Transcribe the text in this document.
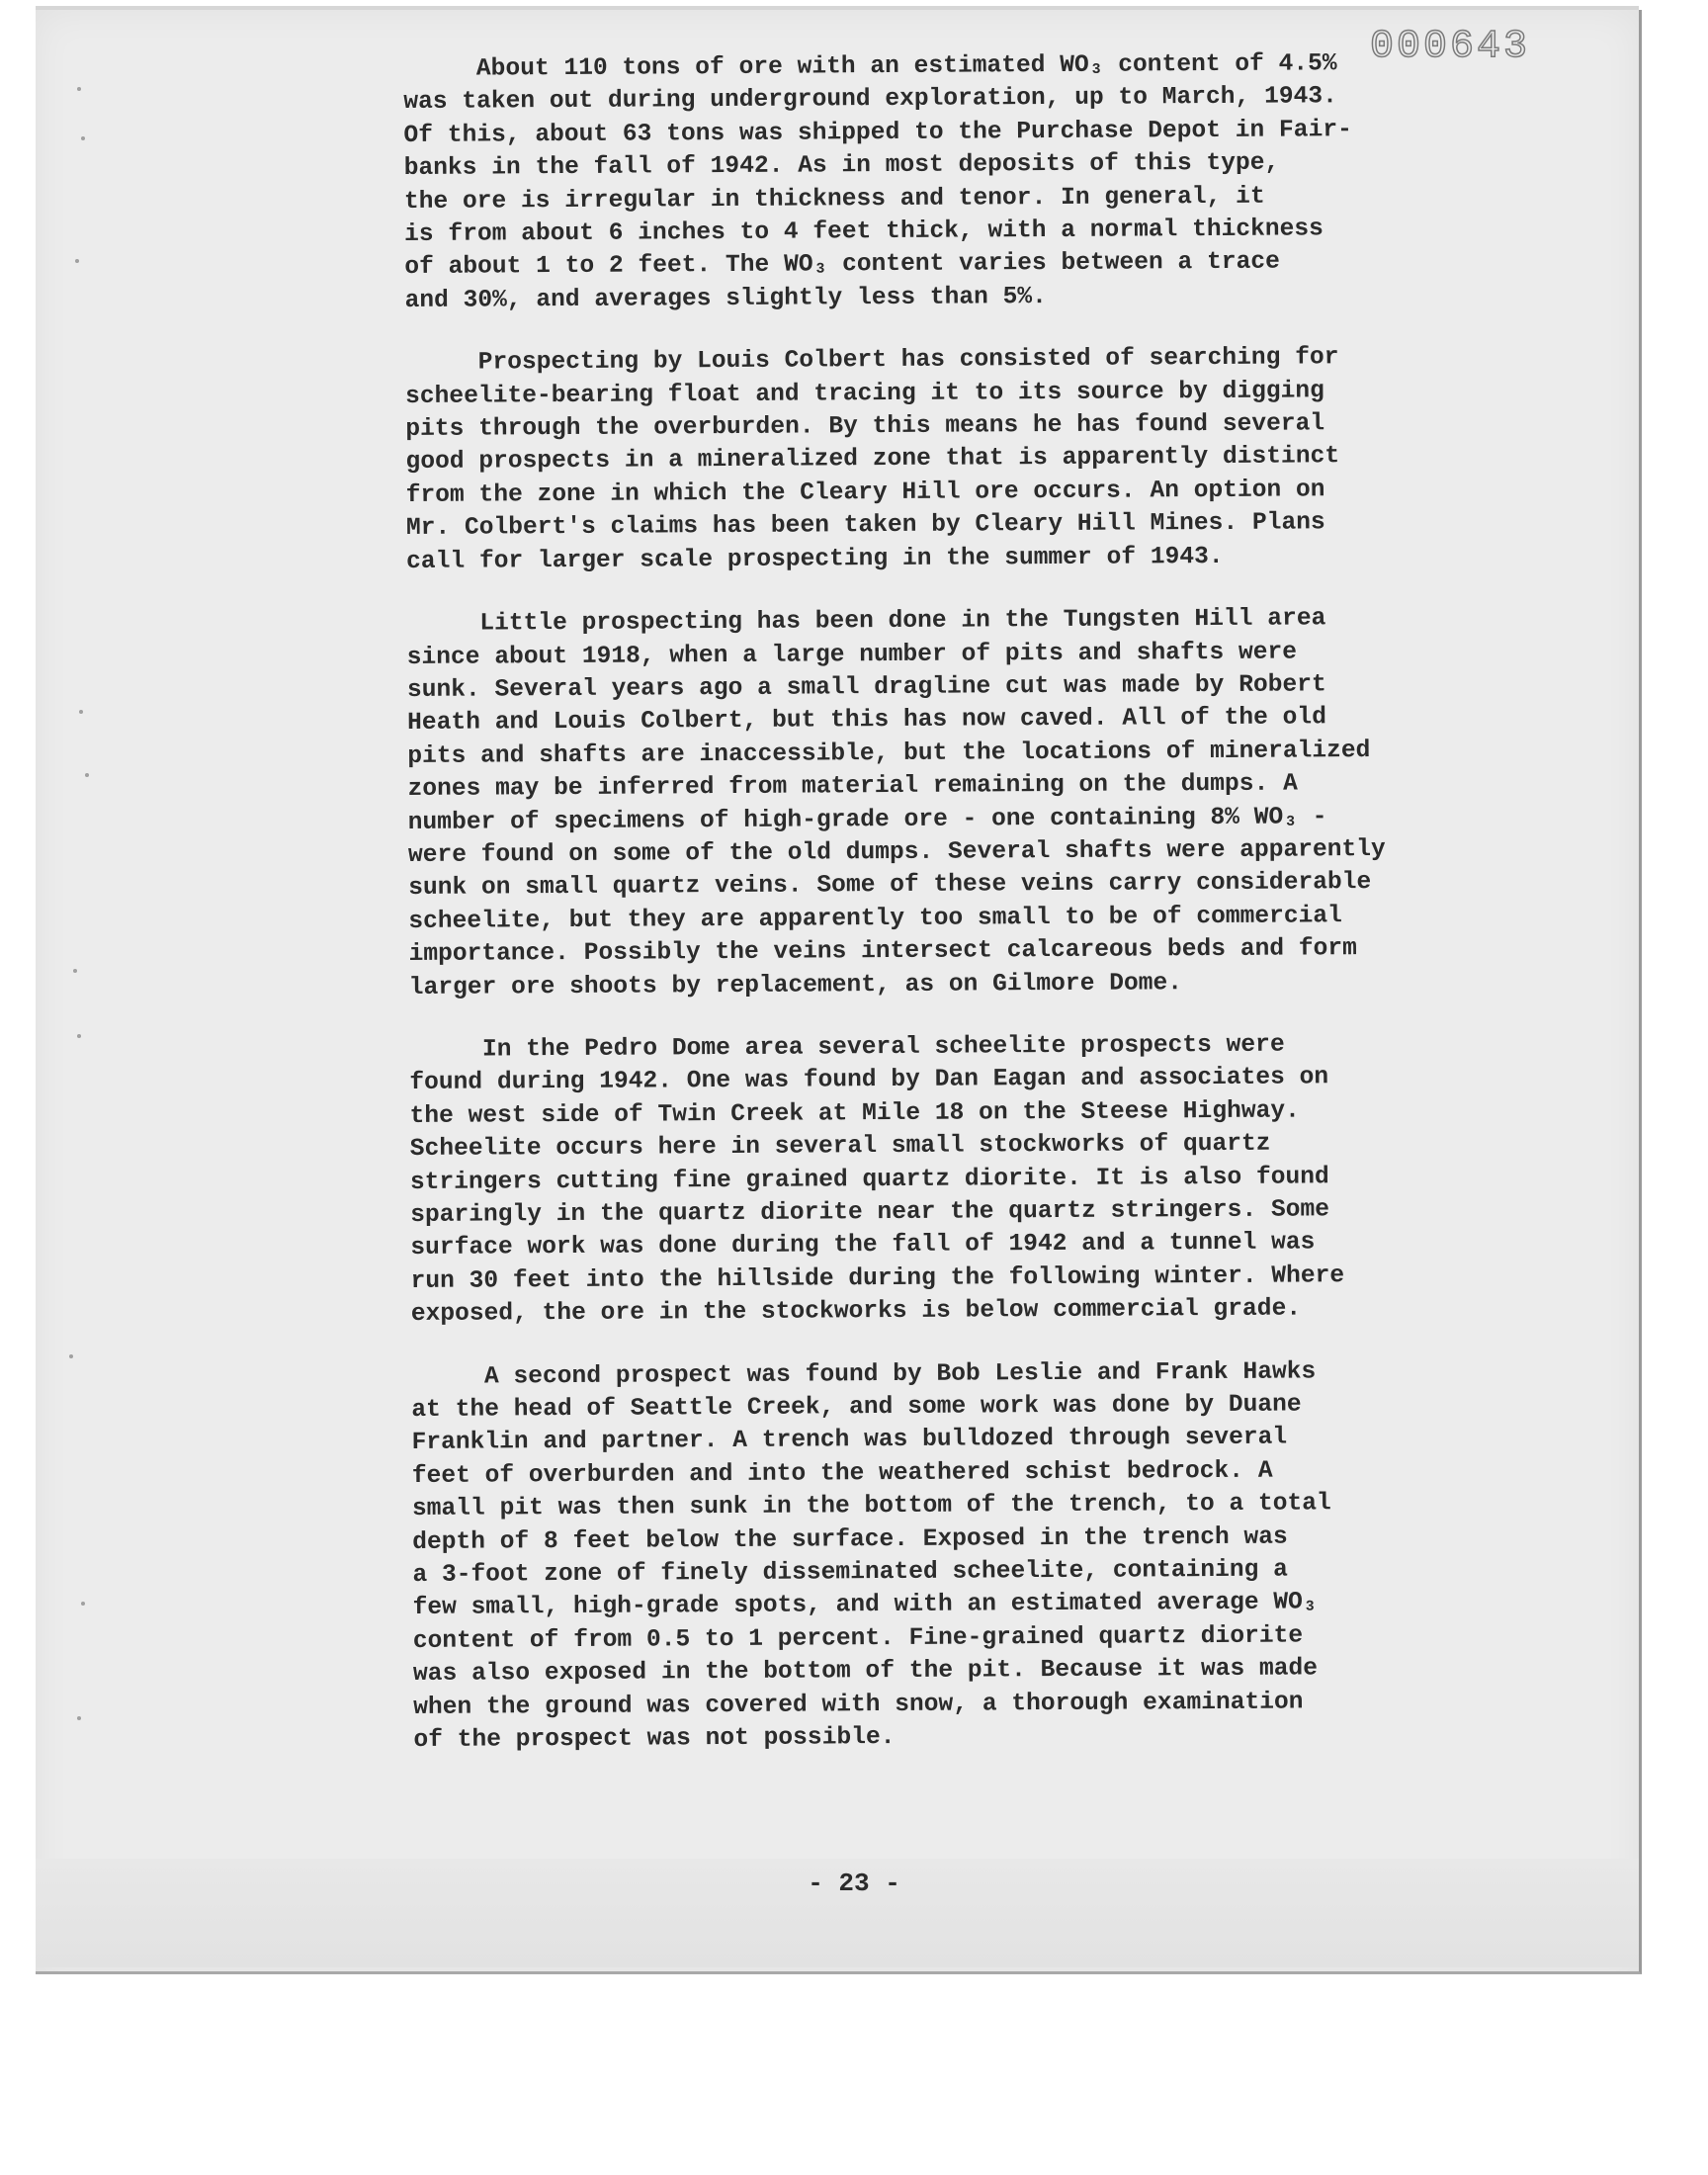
000643
About 110 tons of ore with an estimated WO₃ content of 4.5%
was taken out during underground exploration, up to March, 1943.
Of this, about 63 tons was shipped to the Purchase Depot in Fair-
banks in the fall of 1942. As in most deposits of this type,
the ore is irregular in thickness and tenor. In general, it
is from about 6 inches to 4 feet thick, with a normal thickness
of about 1 to 2 feet. The WO₃ content varies between a trace
and 30%, and averages slightly less than 5%.
Prospecting by Louis Colbert has consisted of searching for
scheelite-bearing float and tracing it to its source by digging
pits through the overburden. By this means he has found several
good prospects in a mineralized zone that is apparently distinct
from the zone in which the Cleary Hill ore occurs. An option on
Mr. Colbert's claims has been taken by Cleary Hill Mines. Plans
call for larger scale prospecting in the summer of 1943.
Little prospecting has been done in the Tungsten Hill area
since about 1918, when a large number of pits and shafts were
sunk. Several years ago a small dragline cut was made by Robert
Heath and Louis Colbert, but this has now caved. All of the old
pits and shafts are inaccessible, but the locations of mineralized
zones may be inferred from material remaining on the dumps. A
number of specimens of high-grade ore - one containing 8% WO₃ -
were found on some of the old dumps. Several shafts were apparently
sunk on small quartz veins. Some of these veins carry considerable
scheelite, but they are apparently too small to be of commercial
importance. Possibly the veins intersect calcareous beds and form
larger ore shoots by replacement, as on Gilmore Dome.
In the Pedro Dome area several scheelite prospects were
found during 1942. One was found by Dan Eagan and associates on
the west side of Twin Creek at Mile 18 on the Steese Highway.
Scheelite occurs here in several small stockworks of quartz
stringers cutting fine grained quartz diorite. It is also found
sparingly in the quartz diorite near the quartz stringers. Some
surface work was done during the fall of 1942 and a tunnel was
run 30 feet into the hillside during the following winter. Where
exposed, the ore in the stockworks is below commercial grade.
A second prospect was found by Bob Leslie and Frank Hawks
at the head of Seattle Creek, and some work was done by Duane
Franklin and partner. A trench was bulldozed through several
feet of overburden and into the weathered schist bedrock. A
small pit was then sunk in the bottom of the trench, to a total
depth of 8 feet below the surface. Exposed in the trench was
a 3-foot zone of finely disseminated scheelite, containing a
few small, high-grade spots, and with an estimated average WO₃
content of from 0.5 to 1 percent. Fine-grained quartz diorite
was also exposed in the bottom of the pit. Because it was made
when the ground was covered with snow, a thorough examination
of the prospect was not possible.
- 23 -
